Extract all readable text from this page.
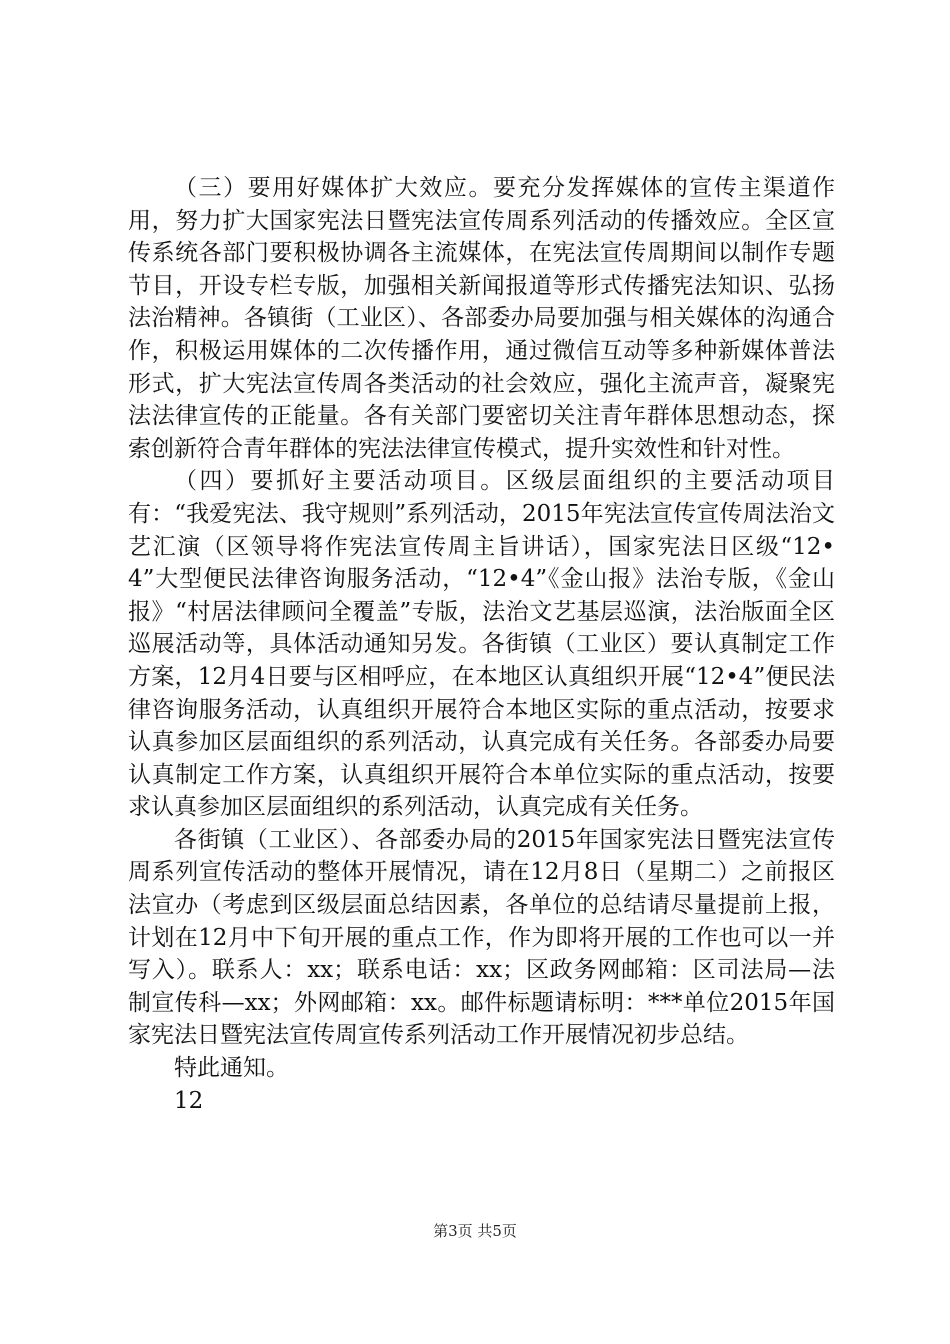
（三）要用好媒体扩大效应。要充分发挥媒体的宣传主渠道作用，努力扩大国家宪法日暨宪法宣传周系列活动的传播效应。全区宣传系统各部门要积极协调各主流媒体，在宪法宣传周期间以制作专题节目，开设专栏专版，加强相关新闻报道等形式传播宪法知识、弘扬法治精神。各镇街（工业区）、各部委办局要加强与相关媒体的沟通合作，积极运用媒体的二次传播作用，通过微信互动等多种新媒体普法形式，扩大宪法宣传周各类活动的社会效应，强化主流声音，凝聚宪法法律宣传的正能量。各有关部门要密切关注青年群体思想动态，探索创新符合青年群体的宪法法律宣传模式，提升实效性和针对性。

（四）要抓好主要活动项目。区级层面组织的主要活动项目有：“我爱宪法、我守规则”系列活动，2015年宪法宣传宣传周法治文艺汇演（区领导将作宪法宣传周主旨讲话），国家宪法日区级“12•4”大型便民法律咨询服务活动，“12•4”《金山报》法治专版，《金山报》“村居法律顾问全覆盖”专版，法治文艺基层巡演，法治版面全区巡展活动等，具体活动通知另发。各街镇（工业区）要认真制定工作方案，12月4日要与区相呼应，在本地区认真组织开展“12•4”便民法律咨询服务活动，认真组织开展符合本地区实际的重点活动，按要求认真参加区层面组织的系列活动，认真完成有关任务。各部委办局要认真制定工作方案，认真组织开展符合本单位实际的重点活动，按要求认真参加区层面组织的系列活动，认真完成有关任务。

各街镇（工业区）、各部委办局的2015年国家宪法日暨宪法宣传周系列宣传活动的整体开展情况，请在12月8日（星期二）之前报区法宣办（考虑到区级层面总结因素，各单位的总结请尽量提前上报，计划在12月中下旬开展的重点工作，作为即将开展的工作也可以一并写入）。联系人：xx；联系电话：xx；区政务网邮箱：区司法局—法制宣传科—xx；外网邮箱：xx。邮件标题请标明：***单位2015年国家宪法日暨宪法宣传周宣传系列活动工作开展情况初步总结。

特此通知。

12

第3页 共5页
